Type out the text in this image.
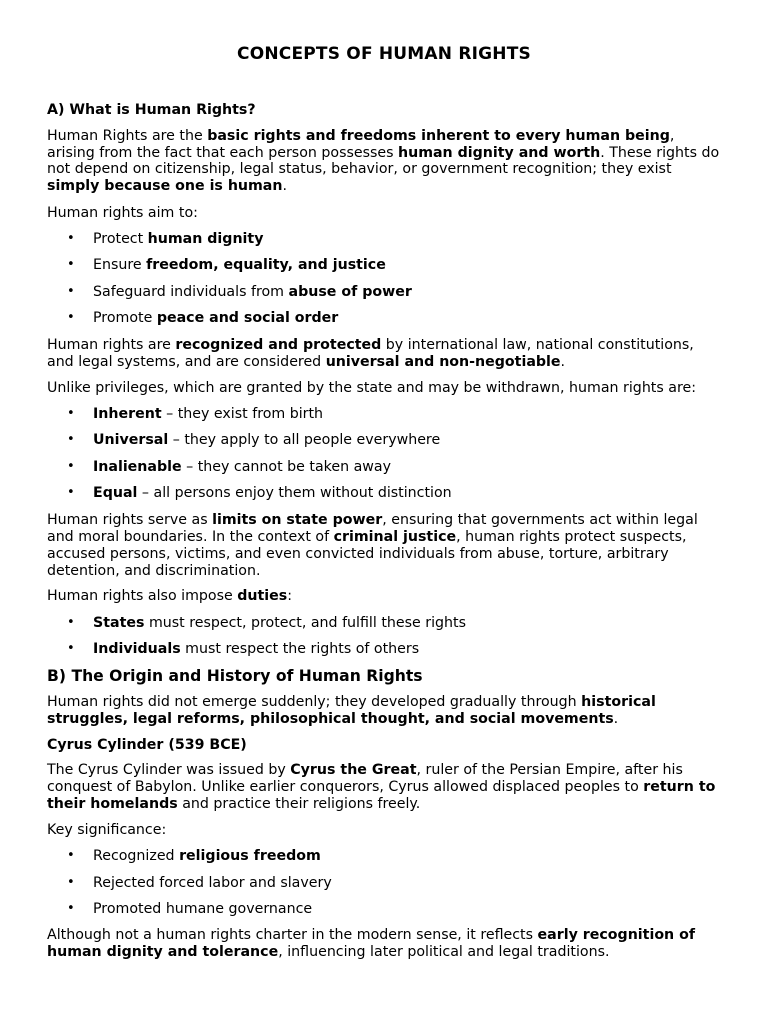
CONCEPTS OF HUMAN RIGHTS
A) What is Human Rights?

Human Rights are the basic rights and freedoms inherent to every human being, arising from the fact that each person possesses human dignity and worth. These rights do not depend on citizenship, legal status, behavior, or government recognition; they exist simply because one is human.

Human rights aim to:

• Protect human dignity
• Ensure freedom, equality, and justice
• Safeguard individuals from abuse of power
• Promote peace and social order

Human rights are recognized and protected by international law, national constitutions, and legal systems, and are considered universal and non-negotiable.

Unlike privileges, which are granted by the state and may be withdrawn, human rights are:

• Inherent – they exist from birth
• Universal – they apply to all people everywhere
• Inalienable – they cannot be taken away
• Equal – all persons enjoy them without distinction

Human rights serve as limits on state power, ensuring that governments act within legal and moral boundaries. In the context of criminal justice, human rights protect suspects, accused persons, victims, and even convicted individuals from abuse, torture, arbitrary detention, and discrimination.

Human rights also impose duties:

• States must respect, protect, and fulfill these rights
• Individuals must respect the rights of others
B) The Origin and History of Human Rights

Human rights did not emerge suddenly; they developed gradually through historical struggles, legal reforms, philosophical thought, and social movements.

Cyrus Cylinder (539 BCE)

The Cyrus Cylinder was issued by Cyrus the Great, ruler of the Persian Empire, after his conquest of Babylon. Unlike earlier conquerors, Cyrus allowed displaced peoples to return to their homelands and practice their religions freely.

Key significance:

• Recognized religious freedom
• Rejected forced labor and slavery
• Promoted humane governance

Although not a human rights charter in the modern sense, it reflects early recognition of human dignity and tolerance, influencing later political and legal traditions.
